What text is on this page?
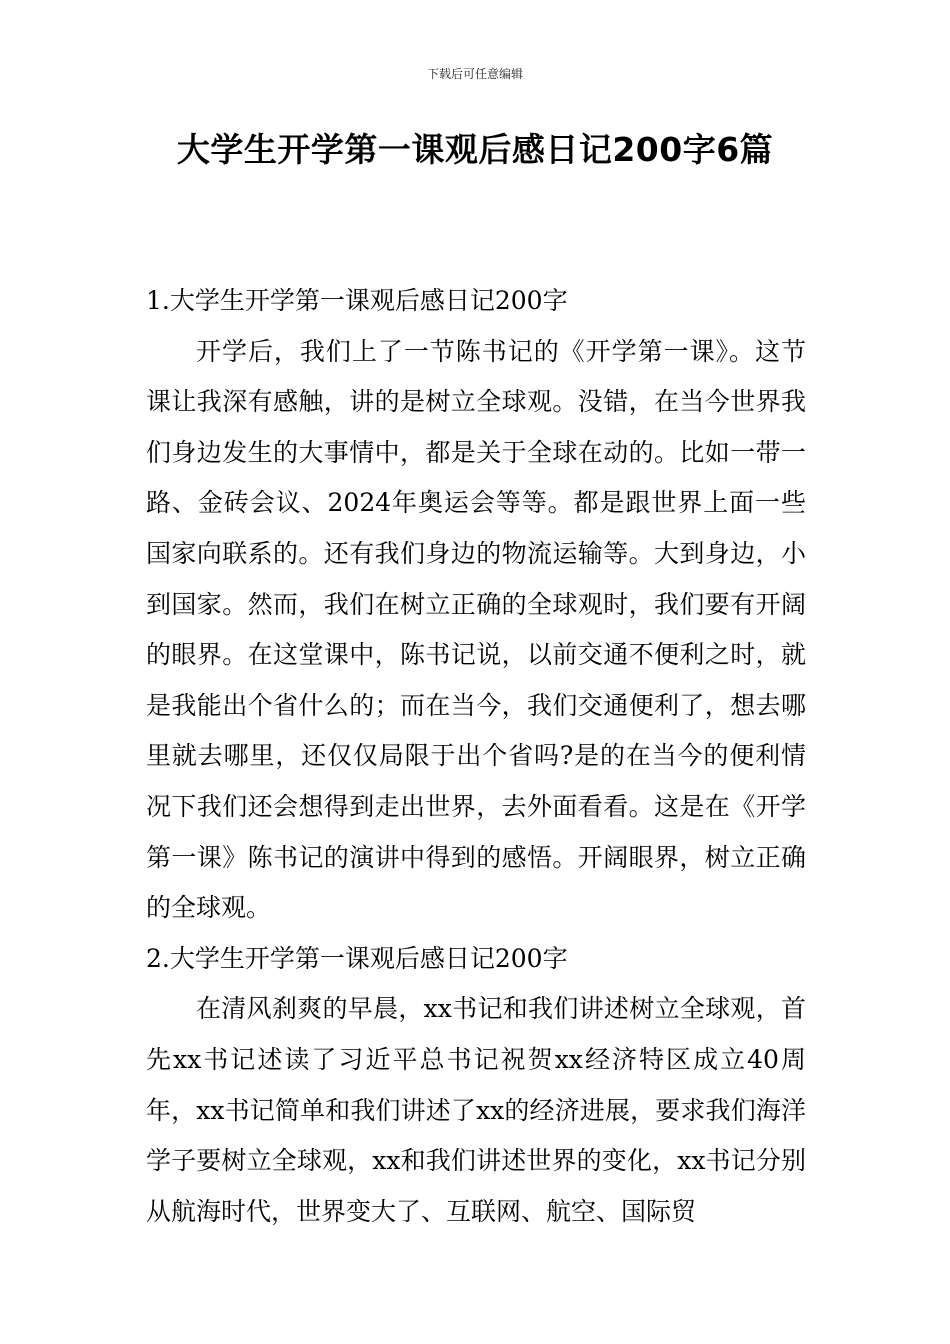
下载后可任意编辑
大学生开学第一课观后感日记200字6篇
1.大学生开学第一课观后感日记200字

开学后，我们上了一节陈书记的《开学第一课》。这节课让我深有感触，讲的是树立全球观。没错，在当今世界我们身边发生的大事情中，都是关于全球在动的。比如一带一路、金砖会议、2024年奥运会等等。都是跟世界上面一些国家向联系的。还有我们身边的物流运输等。大到身边，小到国家。然而，我们在树立正确的全球观时，我们要有开阔的眼界。在这堂课中，陈书记说，以前交通不便利之时，就是我能出个省什么的；而在当今，我们交通便利了，想去哪里就去哪里，还仅仅局限于出个省吗?是的在当今的便利情况下我们还会想得到走出世界，去外面看看。这是在《开学第一课》陈书记的演讲中得到的感悟。开阔眼界，树立正确的全球观。

2.大学生开学第一课观后感日记200字

在清风刹爽的早晨，xx书记和我们讲述树立全球观，首先xx书记述读了习近平总书记祝贺xx经济特区成立40周年，xx书记简单和我们讲述了xx的经济进展，要求我们海洋学子要树立全球观，xx和我们讲述世界的变化，xx书记分别从航海时代，世界变大了、互联网、航空、国际贸
